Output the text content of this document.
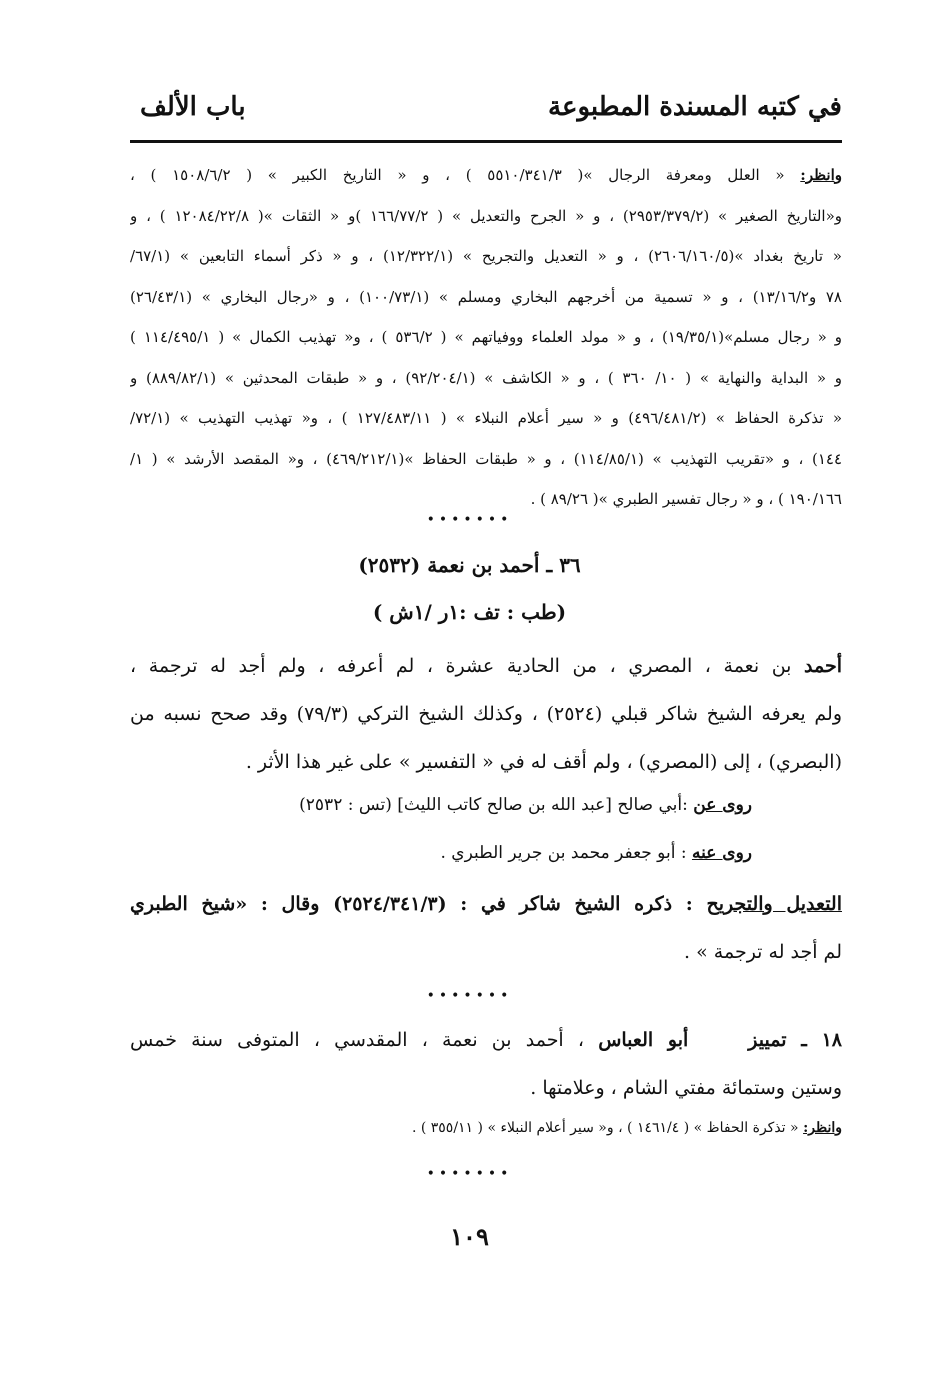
في كتبه المسندة المطبوعة
باب الألف
وانظر: « العلل ومعرفة الرجال »( ٥٥١٠/٣٤١/٣ ) ، و « التاريخ الكبير » ( ١٥٠٨/٦/٢ ) ،
و«التاريخ الصغير » (٢٩٥٣/٣٧٩/٢) ، و « الجرح والتعديل » ( ١٦٦/٧٧/٢ )و « الثقات »( ١٢٠٨٤/٢٢/٨ ) ، و
« تاريخ بغداد »(٢٦٠٦/١٦٠/٥) ، و « التعديل والتجريح » (١٢/٣٢٢/١) ، و « ذكر أسماء التابعين » (٦٧/١/
٧٨ و١٣/١٦/٢) ، و « تسمية من أخرجهم البخاري ومسلم » (١٠٠/٧٣/١) ، و «رجال البخاري » (٢٦/٤٣/١)
و « رجال مسلم»(١٩/٣٥/١) ، و « مولد العلماء ووفياتهم » ( ٥٣٦/٢ ) ، و« تهذيب الكمال » ( ١١٤/٤٩٥/١ )
و « البداية والنهاية » ( ١٠/ ٣٦٠ ) ، و « الكاشف » (٩٢/٢٠٤/١) ، و « طبقات المحدثين » (٨٨٩/٨٢/١) و
« تذكرة الحفاظ » (٤٩٦/٤٨١/٢) و « سير أعلام النبلاء » ( ١٢٧/٤٨٣/١١ ) ، و« تهذيب التهذيب » (٧٢/١/
١٤٤) ، و «تقريب التهذيب » (١١٤/٨٥/١) ، و « طبقات الحفاظ »(٤٦٩/٢١٢/١) ، و« المقصد الأرشد » ( ١/
١٩٠/١٦٦ ) ، و « رجال تفسير الطبري »( ٨٩/٢٦ ) .
•••••••
٣٦ ـ أحمد بن نعمة (٢٥٣٢)
(طب : تف :١ر /١ش )
أحمد بن نعمة ، المصري ، من الحادية عشرة ، لم أعرفه ، ولم أجد له ترجمة ،
ولم يعرفه الشيخ شاكر قبلي (٢٥٢٤) ، وكذلك الشيخ التركي (٧٩/٣) وقد صحح نسبه من
(البصري) ، إلى (المصري) ، ولم أقف له في « التفسير » على غير هذا الأثر .
روى عن :أبي صالح [عبد الله بن صالح كاتب الليث] (تس : ٢٥٣٢)
روى عنه : أبو جعفر محمد بن جرير الطبري .
التعديل والتجريح : ذكره الشيخ شاكر في : (٢٥٢٤/٣٤١/٣) وقال : «شيخ الطبري
لم أجد له ترجمة » .
•••••••
١٨ ـ تمييزأبو العباس ، أحمد بن نعمة ، المقدسي ، المتوفى سنة خمس
وستين وستمائة مفتي الشام ، وعلامتها .
وانظر: « تذكرة الحفاظ » ( ١٤٦١/٤ ) ، و« سير أعلام النبلاء » ( ٣٥٥/١١ ) .
•••••••
١٠٩
